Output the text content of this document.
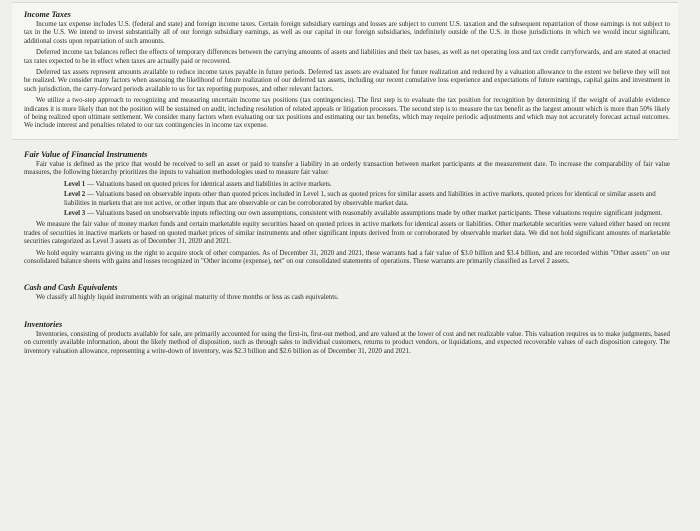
Income Taxes

Income tax expense includes U.S. (federal and state) and foreign income taxes. Certain foreign subsidiary earnings and losses are subject to current U.S. taxation and the subsequent repatriation of those earnings is not subject to tax in the U.S. We intend to invest substantially all of our foreign subsidiary earnings, as well as our capital in our foreign subsidiaries, indefinitely outside of the U.S. in those jurisdictions in which we would incur significant, additional costs upon repatriation of such amounts.

Deferred income tax balances reflect the effects of temporary differences between the carrying amounts of assets and liabilities and their tax bases, as well as net operating loss and tax credit carryforwards, and are stated at enacted tax rates expected to be in effect when taxes are actually paid or recovered.

Deferred tax assets represent amounts available to reduce income taxes payable in future periods. Deferred tax assets are evaluated for future realization and reduced by a valuation allowance to the extent we believe they will not be realized. We consider many factors when assessing the likelihood of future realization of our deferred tax assets, including our recent cumulative loss experience and expectations of future earnings, capital gains and investment in such jurisdiction, the carry-forward periods available to us for tax reporting purposes, and other relevant factors.

We utilize a two-step approach to recognizing and measuring uncertain income tax positions (tax contingencies). The first step is to evaluate the tax position for recognition by determining if the weight of available evidence indicates it is more likely than not the position will be sustained on audit, including resolution of related appeals or litigation processes. The second step is to measure the tax benefit as the largest amount which is more than 50% likely of being realized upon ultimate settlement. We consider many factors when evaluating our tax positions and estimating our tax benefits, which may require periodic adjustments and which may not accurately forecast actual outcomes. We include interest and penalties related to our tax contingencies in income tax expense.

Fair Value of Financial Instruments

Fair value is defined as the price that would be received to sell an asset or paid to transfer a liability in an orderly transaction between market participants at the measurement date. To increase the comparability of fair value measures, the following hierarchy prioritizes the inputs to valuation methodologies used to measure fair value:

Level 1 — Valuations based on quoted prices for identical assets and liabilities in active markets.
Level 2 — Valuations based on observable inputs other than quoted prices included in Level 1, such as quoted prices for similar assets and liabilities in active markets, quoted prices for identical or similar assets and liabilities in markets that are not active, or other inputs that are observable or can be corroborated by observable market data.
Level 3 — Valuations based on unobservable inputs reflecting our own assumptions, consistent with reasonably available assumptions made by other market participants. These valuations require significant judgment.

We measure the fair value of money market funds and certain marketable equity securities based on quoted prices in active markets for identical assets or liabilities. Other marketable securities were valued either based on recent trades of securities in inactive markets or based on quoted market prices of similar instruments and other significant inputs derived from or corroborated by observable market data. We did not hold significant amounts of marketable securities categorized as Level 3 assets as of December 31, 2020 and 2021.

We hold equity warrants giving us the right to acquire stock of other companies. As of December 31, 2020 and 2021, these warrants had a fair value of $3.0 billion and $3.4 billion, and are recorded within "Other assets" on our consolidated balance sheets with gains and losses recognized in "Other income (expense), net" on our consolidated statements of operations. These warrants are primarily classified as Level 2 assets.

Cash and Cash Equivalents

We classify all highly liquid instruments with an original maturity of three months or less as cash equivalents.

Inventories

Inventories, consisting of products available for sale, are primarily accounted for using the first-in, first-out method, and are valued at the lower of cost and net realizable value. This valuation requires us to make judgments, based on currently available information, about the likely method of disposition, such as through sales to individual customers, returns to product vendors, or liquidations, and expected recoverable values of each disposition category. The inventory valuation allowance, representing a write-down of inventory, was $2.3 billion and $2.6 billion as of December 31, 2020 and 2021.
